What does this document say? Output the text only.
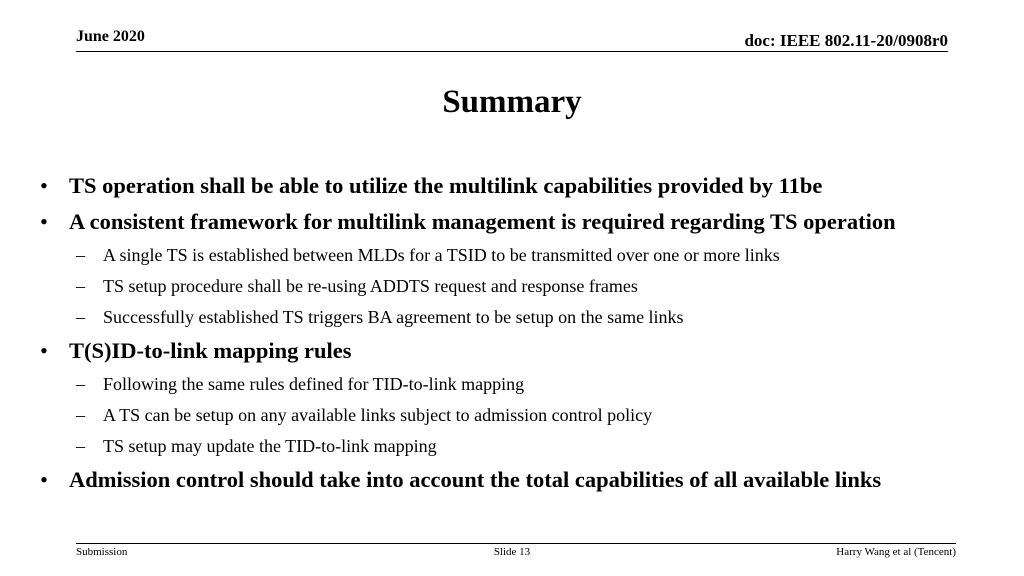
June 2020	doc: IEEE 802.11-20/0908r0
Summary
• TS operation shall be able to utilize the multilink capabilities provided by 11be
• A consistent framework for multilink management is required regarding TS operation
– A single TS is established between MLDs for a TSID to be transmitted over one or more links
– TS setup procedure shall be re-using ADDTS request and response frames
– Successfully established TS triggers BA agreement to be setup on the same links
• T(S)ID-to-link mapping rules
– Following the same rules defined for TID-to-link mapping
– A TS can be setup on any available links subject to admission control policy
– TS setup may update the TID-to-link mapping
• Admission control should take into account the total capabilities of all available links
Submission	Slide 13	Harry Wang et al (Tencent)
